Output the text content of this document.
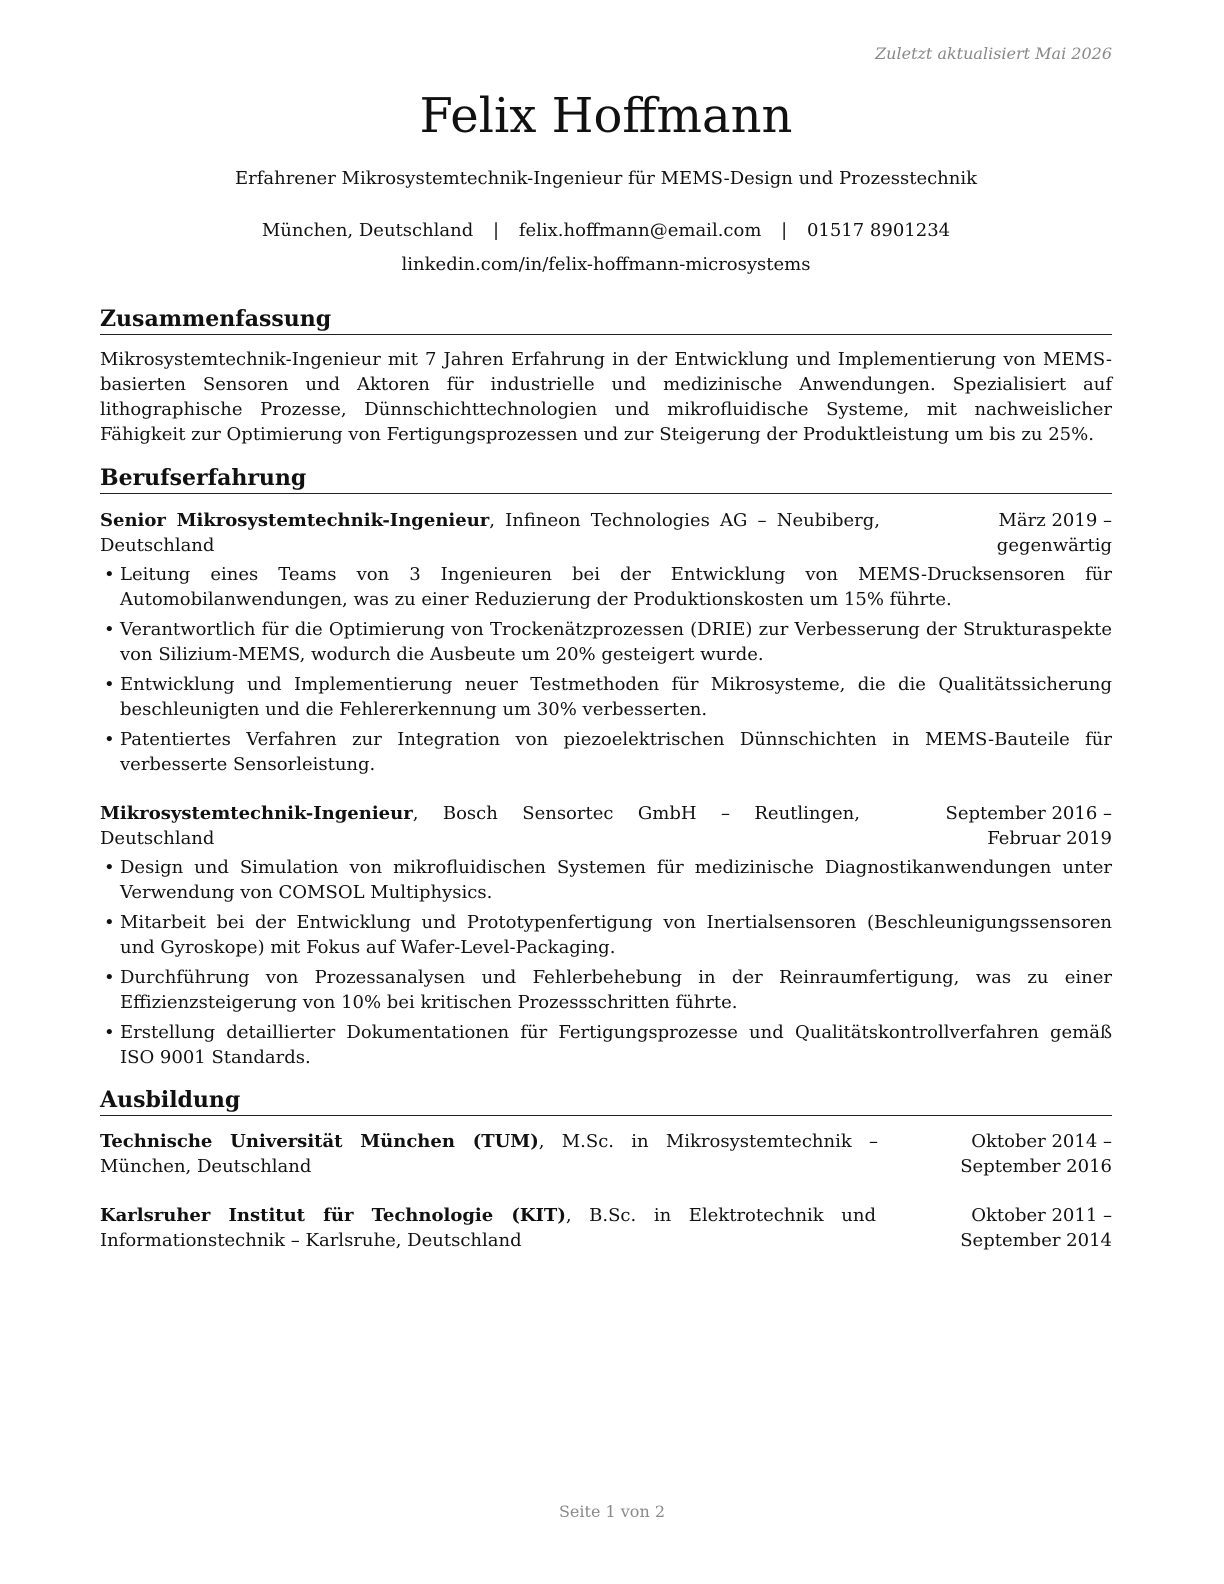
Zuletzt aktualisiert Mai 2026
Felix Hoffmann
Erfahrener Mikrosystemtechnik-Ingenieur für MEMS-Design und Prozesstechnik
München, Deutschland | felix.hoffmann@email.com | 01517 8901234
linkedin.com/in/felix-hoffmann-microsystems
Zusammenfassung
Mikrosystemtechnik-Ingenieur mit 7 Jahren Erfahrung in der Entwicklung und Implementierung von MEMS-basierten Sensoren und Aktoren für industrielle und medizinische Anwendungen. Spezialisiert auf lithographische Prozesse, Dünnschichttechnologien und mikrofluidische Systeme, mit nachweislicher Fähigkeit zur Optimierung von Fertigungsprozessen und zur Steigerung der Produktleistung um bis zu 25%.
Berufserfahrung
Senior Mikrosystemtechnik-Ingenieur, Infineon Technologies AG – Neubiberg, Deutschland
März 2019 – gegenwärtig
• Leitung eines Teams von 3 Ingenieuren bei der Entwicklung von MEMS-Drucksensoren für Automobilanwendungen, was zu einer Reduzierung der Produktionskosten um 15% führte.
• Verantwortlich für die Optimierung von Trockenätzprozessen (DRIE) zur Verbesserung der Strukturaspekte von Silizium-MEMS, wodurch die Ausbeute um 20% gesteigert wurde.
• Entwicklung und Implementierung neuer Testmethoden für Mikrosysteme, die die Qualitätssicherung beschleunigten und die Fehlererkennung um 30% verbesserten.
• Patentiertes Verfahren zur Integration von piezoelektrischen Dünnschichten in MEMS-Bauteile für verbesserte Sensorleistung.
Mikrosystemtechnik-Ingenieur, Bosch Sensortec GmbH – Reutlingen, Deutschland
September 2016 – Februar 2019
• Design und Simulation von mikrofluidischen Systemen für medizinische Diagnostikanwendungen unter Verwendung von COMSOL Multiphysics.
• Mitarbeit bei der Entwicklung und Prototypenfertigung von Inertialsensoren (Beschleunigungssensoren und Gyroskope) mit Fokus auf Wafer-Level-Packaging.
• Durchführung von Prozessanalysen und Fehlerbehebung in der Reinraumfertigung, was zu einer Effizienzsteigerung von 10% bei kritischen Prozessschritten führte.
• Erstellung detaillierter Dokumentationen für Fertigungsprozesse und Qualitätskontrollverfahren gemäß ISO 9001 Standards.
Ausbildung
Technische Universität München (TUM), M.Sc. in Mikrosystemtechnik – München, Deutschland
Oktober 2014 – September 2016
Karlsruher Institut für Technologie (KIT), B.Sc. in Elektrotechnik und Informationstechnik – Karlsruhe, Deutschland
Oktober 2011 – September 2014
Seite 1 von 2
